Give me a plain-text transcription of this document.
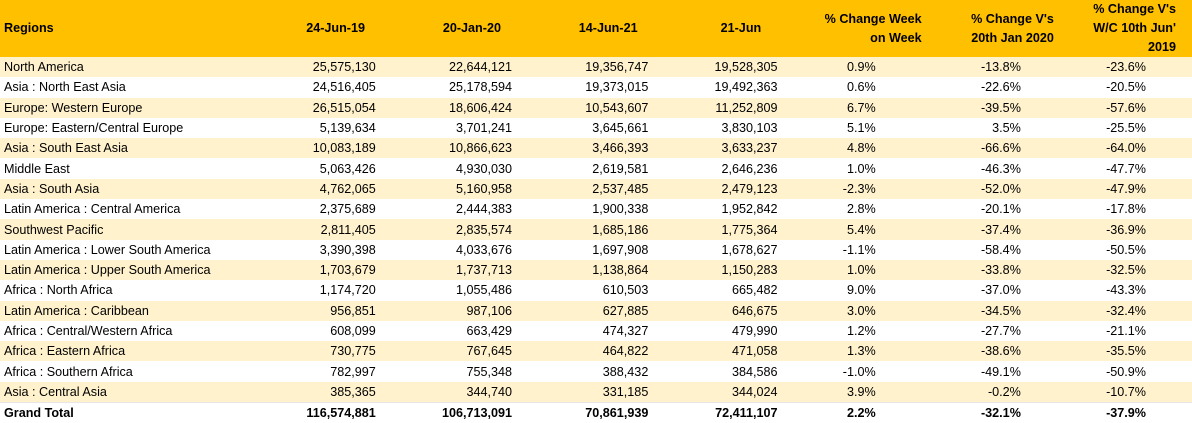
Regions	24-Jun-19	20-Jan-20	14-Jun-21	21-Jun	% Change Week on Week	% Change V's 20th Jan 2020	% Change V's W/C 10th Jun' 2019
North America	25,575,130	22,644,121	19,356,747	19,528,305	0.9%	-13.8%	-23.6%
Asia : North East Asia	24,516,405	25,178,594	19,373,015	19,492,363	0.6%	-22.6%	-20.5%
Europe: Western Europe	26,515,054	18,606,424	10,543,607	11,252,809	6.7%	-39.5%	-57.6%
Europe: Eastern/Central Europe	5,139,634	3,701,241	3,645,661	3,830,103	5.1%	3.5%	-25.5%
Asia : South East Asia	10,083,189	10,866,623	3,466,393	3,633,237	4.8%	-66.6%	-64.0%
Middle East	5,063,426	4,930,030	2,619,581	2,646,236	1.0%	-46.3%	-47.7%
Asia : South Asia	4,762,065	5,160,958	2,537,485	2,479,123	-2.3%	-52.0%	-47.9%
Latin America : Central America	2,375,689	2,444,383	1,900,338	1,952,842	2.8%	-20.1%	-17.8%
Southwest Pacific	2,811,405	2,835,574	1,685,186	1,775,364	5.4%	-37.4%	-36.9%
Latin America : Lower South America	3,390,398	4,033,676	1,697,908	1,678,627	-1.1%	-58.4%	-50.5%
Latin America : Upper South America	1,703,679	1,737,713	1,138,864	1,150,283	1.0%	-33.8%	-32.5%
Africa : North Africa	1,174,720	1,055,486	610,503	665,482	9.0%	-37.0%	-43.3%
Latin America : Caribbean	956,851	987,106	627,885	646,675	3.0%	-34.5%	-32.4%
Africa : Central/Western Africa	608,099	663,429	474,327	479,990	1.2%	-27.7%	-21.1%
Africa : Eastern Africa	730,775	767,645	464,822	471,058	1.3%	-38.6%	-35.5%
Africa : Southern Africa	782,997	755,348	388,432	384,586	-1.0%	-49.1%	-50.9%
Asia : Central Asia	385,365	344,740	331,185	344,024	3.9%	-0.2%	-10.7%
Grand Total	116,574,881	106,713,091	70,861,939	72,411,107	2.2%	-32.1%	-37.9%
